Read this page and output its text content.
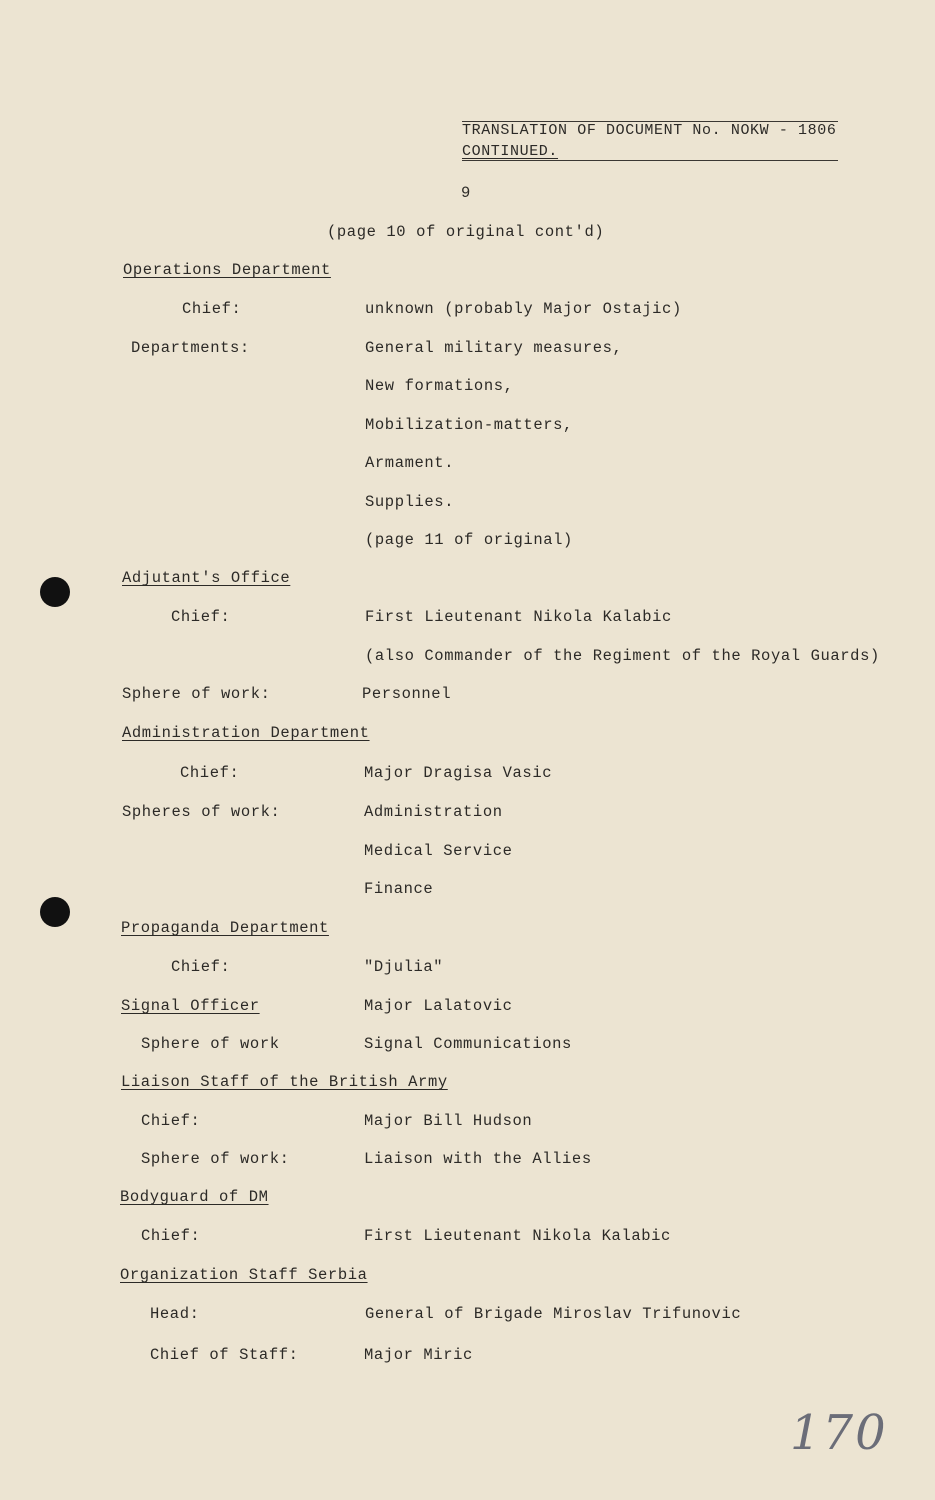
TRANSLATION OF DOCUMENT No. NOKW - 1806
CONTINUED.
9
(page 10 of original cont'd)
Operations Department
Chief:	unknown (probably Major Ostajic)
Departments:	General military measures,
New formations,
Mobilization-matters,
Armament.
Supplies.
(page 11 of original)
Adjutant's Office
Chief:	First Lieutenant Nikola Kalabic
(also Commander of the Regiment of the Royal Guards)
Sphere of work:	Personnel
Administration Department
Chief:	Major Dragisa Vasic
Spheres of work:	Administration
Medical Service
Finance
Propaganda Department
Chief:	"Djulia"
Signal Officer	Major Lalatovic
Sphere of work	Signal Communications
Liaison Staff of the British Army
Chief:	Major Bill Hudson
Sphere of work:	Liaison with the Allies
Bodyguard of DM
Chief:	First Lieutenant Nikola Kalabic
Organization Staff Serbia
Head:	General of Brigade Miroslav Trifunovic
Chief of Staff:	Major Miric
170
